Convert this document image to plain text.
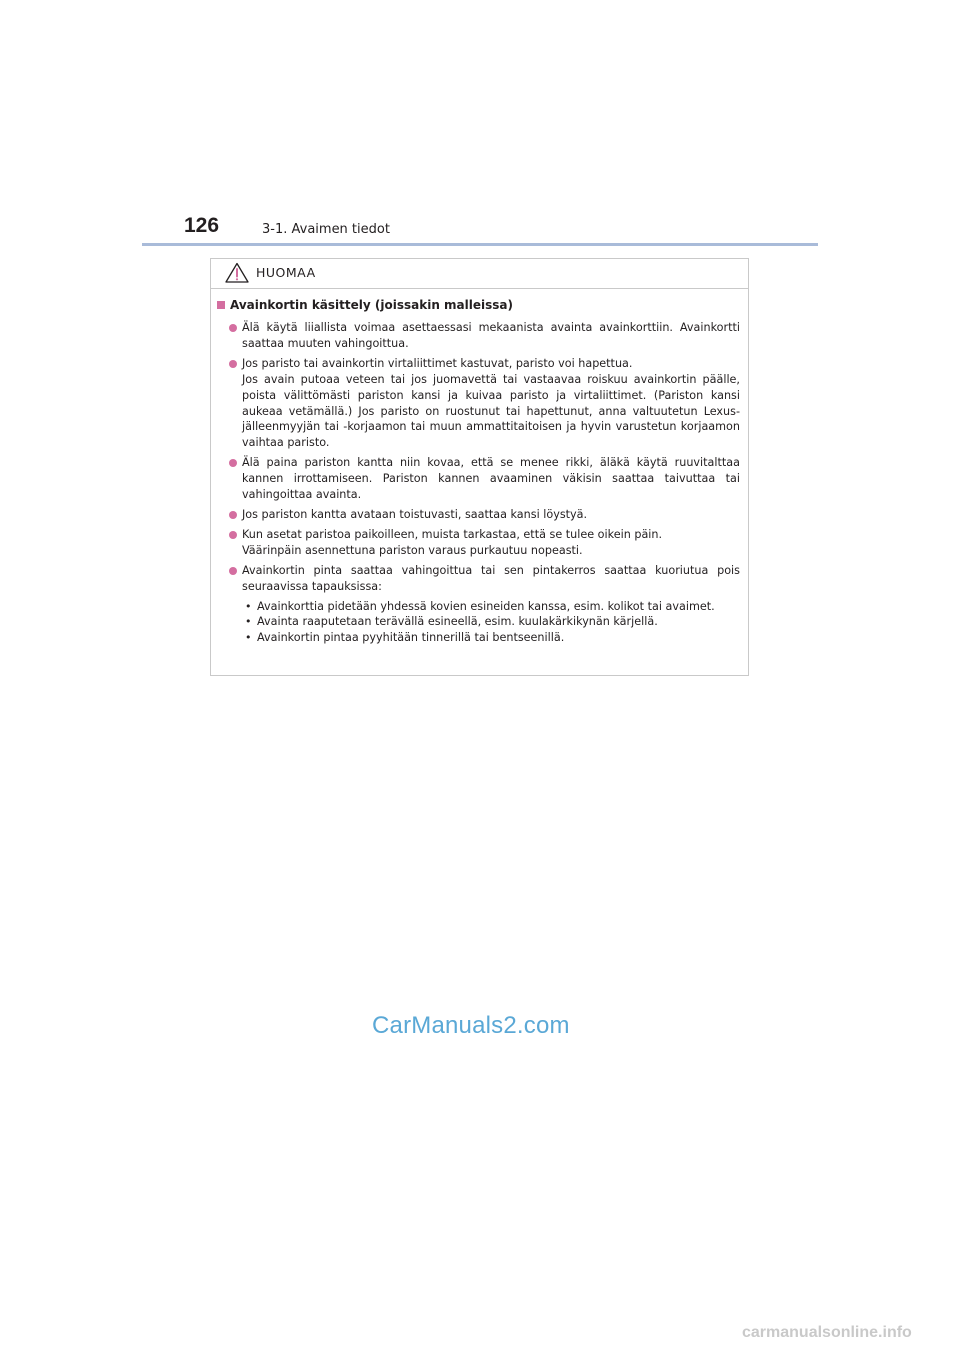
126	3-1. Avaimen tiedot
HUOMAA
Avainkortin käsittely (joissakin malleissa)
Älä käytä liiallista voimaa asettaessasi mekaanista avainta avainkorttiin. Avainkortti saattaa muuten vahingoittua.
Jos paristo tai avainkortin virtaliittimet kastuvat, paristo voi hapettua.
Jos avain putoaa veteen tai jos juomavettä tai vastaavaa roiskuu avainkortin päälle, poista välittömästi pariston kansi ja kuivaa paristo ja virtaliittimet. (Pariston kansi aukeaa vetämällä.) Jos paristo on ruostunut tai hapettunut, anna valtuutetun Lexus-jälleenmyyjän tai -korjaamon tai muun ammattitaitoisen ja hyvin varustetun korjaamon vaihtaa paristo.
Älä paina pariston kantta niin kovaa, että se menee rikki, äläkä käytä ruuvitalttaa kannen irrottamiseen. Pariston kannen avaaminen väkisin saattaa taivuttaa tai vahingoittaa avainta.
Jos pariston kantta avataan toistuvasti, saattaa kansi löystyä.
Kun asetat paristoa paikoilleen, muista tarkastaa, että se tulee oikein päin.
Väärinpäin asennettuna pariston varaus purkautuu nopeasti.
Avainkortin pinta saattaa vahingoittua tai sen pintakerros saattaa kuoriutua pois seuraavissa tapauksissa:
• Avainkorttia pidetään yhdessä kovien esineiden kanssa, esim. kolikot tai avaimet.
• Avainta raaputetaan terävällä esineellä, esim. kuulakärkikynän kärjellä.
• Avainkortin pintaa pyyhitään tinnerillä tai bentseenillä.
CarManuals2.com
carmanualsonline.info
